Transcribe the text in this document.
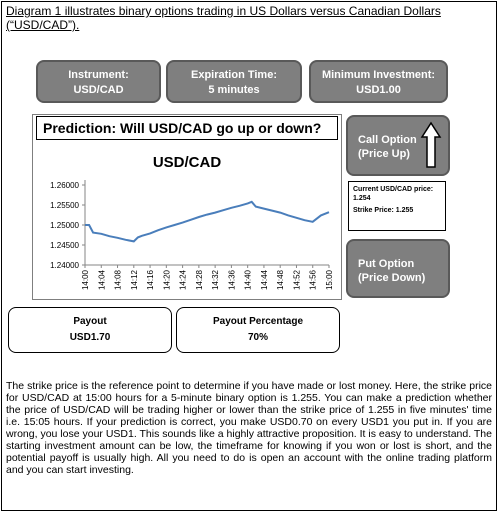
Diagram 1 illustrates binary options trading in US Dollars versus Canadian Dollars (“USD/CAD”).
Instrument:
USD/CAD
Expiration Time:
5 minutes
Minimum Investment:
USD1.00
USD/CAD
1.26000
1.25500
1.25000
1.24500
1.24000
14:00 14:04 14:08 14:12 14:16 14:20 14:24 14:28 14:32 14:36 14:40 14:44 14:48 14:52 14:56 15:00
Prediction: Will USD/CAD go up or down?
Call Option
(Price Up)
Current USD/CAD price:
1.254
Strike Price: 1.255
Put Option
(Price Down)
Payout
USD1.70
Payout Percentage
70%
The strike price is the reference point to determine if you have made or lost money. Here, the strike price for USD/CAD at 15:00 hours for a 5-minute binary option is 1.255. You can make a prediction whether the price of USD/CAD will be trading higher or lower than the strike price of 1.255 in five minutes' time i.e. 15:05 hours. If your prediction is correct, you make USD0.70 on every USD1 you put in. If you are wrong, you lose your USD1. This sounds like a highly attractive proposition. It is easy to understand. The starting investment amount can be low, the timeframe for knowing if you won or lost is short, and the potential payoff is usually high. All you need to do is open an account with the online trading platform and you can start investing.
